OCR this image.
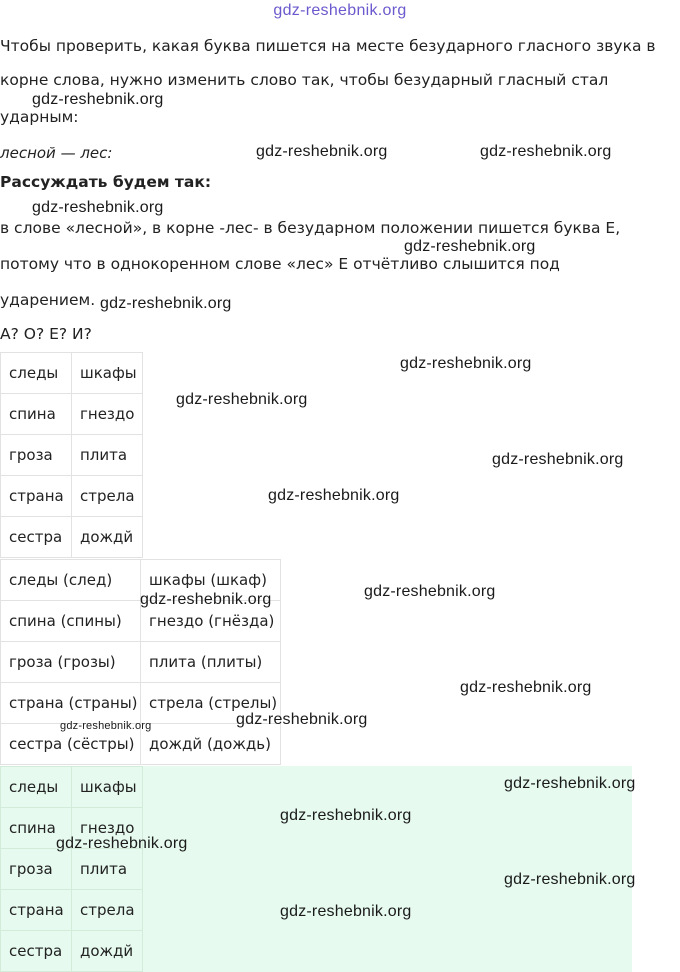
gdz-reshebnik.org
Чтобы проверить, какая буква пишется на месте безударного гласного звука в
корне слова, нужно изменить слово так, чтобы безударный гласный стал
ударным:
лесной — лес:
Рассуждать будем так:
в слове «лесной», в корне -лес- в безударном положении пишется буква Е,
потому что в однокоренном слове «лес» Е отчётливо слышится под
ударением.
А? О? Е? И?
следы	шкафы
спина	гнездо
гроза	плита
страна	стрела
сестра	дождй
следы (след)	шкафы (шкаф)
спина (спины)	гнездо (гнёзда)
гроза (грозы)	плита (плиты)
страна (страны)	стрела (стрелы)
сестра (сёстры)	дождй (дождь)
следы	шкафы
спина	гнездо
гроза	плита
страна	стрела
сестра	дождй
gdz-reshebnik.org
gdz-reshebnik.org	gdz-reshebnik.org
gdz-reshebnik.org
gdz-reshebnik.org
gdz-reshebnik.org
gdz-reshebnik.org
gdz-reshebnik.org
gdz-reshebnik.org
gdz-reshebnik.org
gdz-reshebnik.org
gdz-reshebnik.org
gdz-reshebnik.org
gdz-reshebnik.org
gdz-reshebnik.org
gdz-reshebnik.org
gdz-reshebnik.org
gdz-reshebnik.org
gdz-reshebnik.org
gdz-reshebnik.org
